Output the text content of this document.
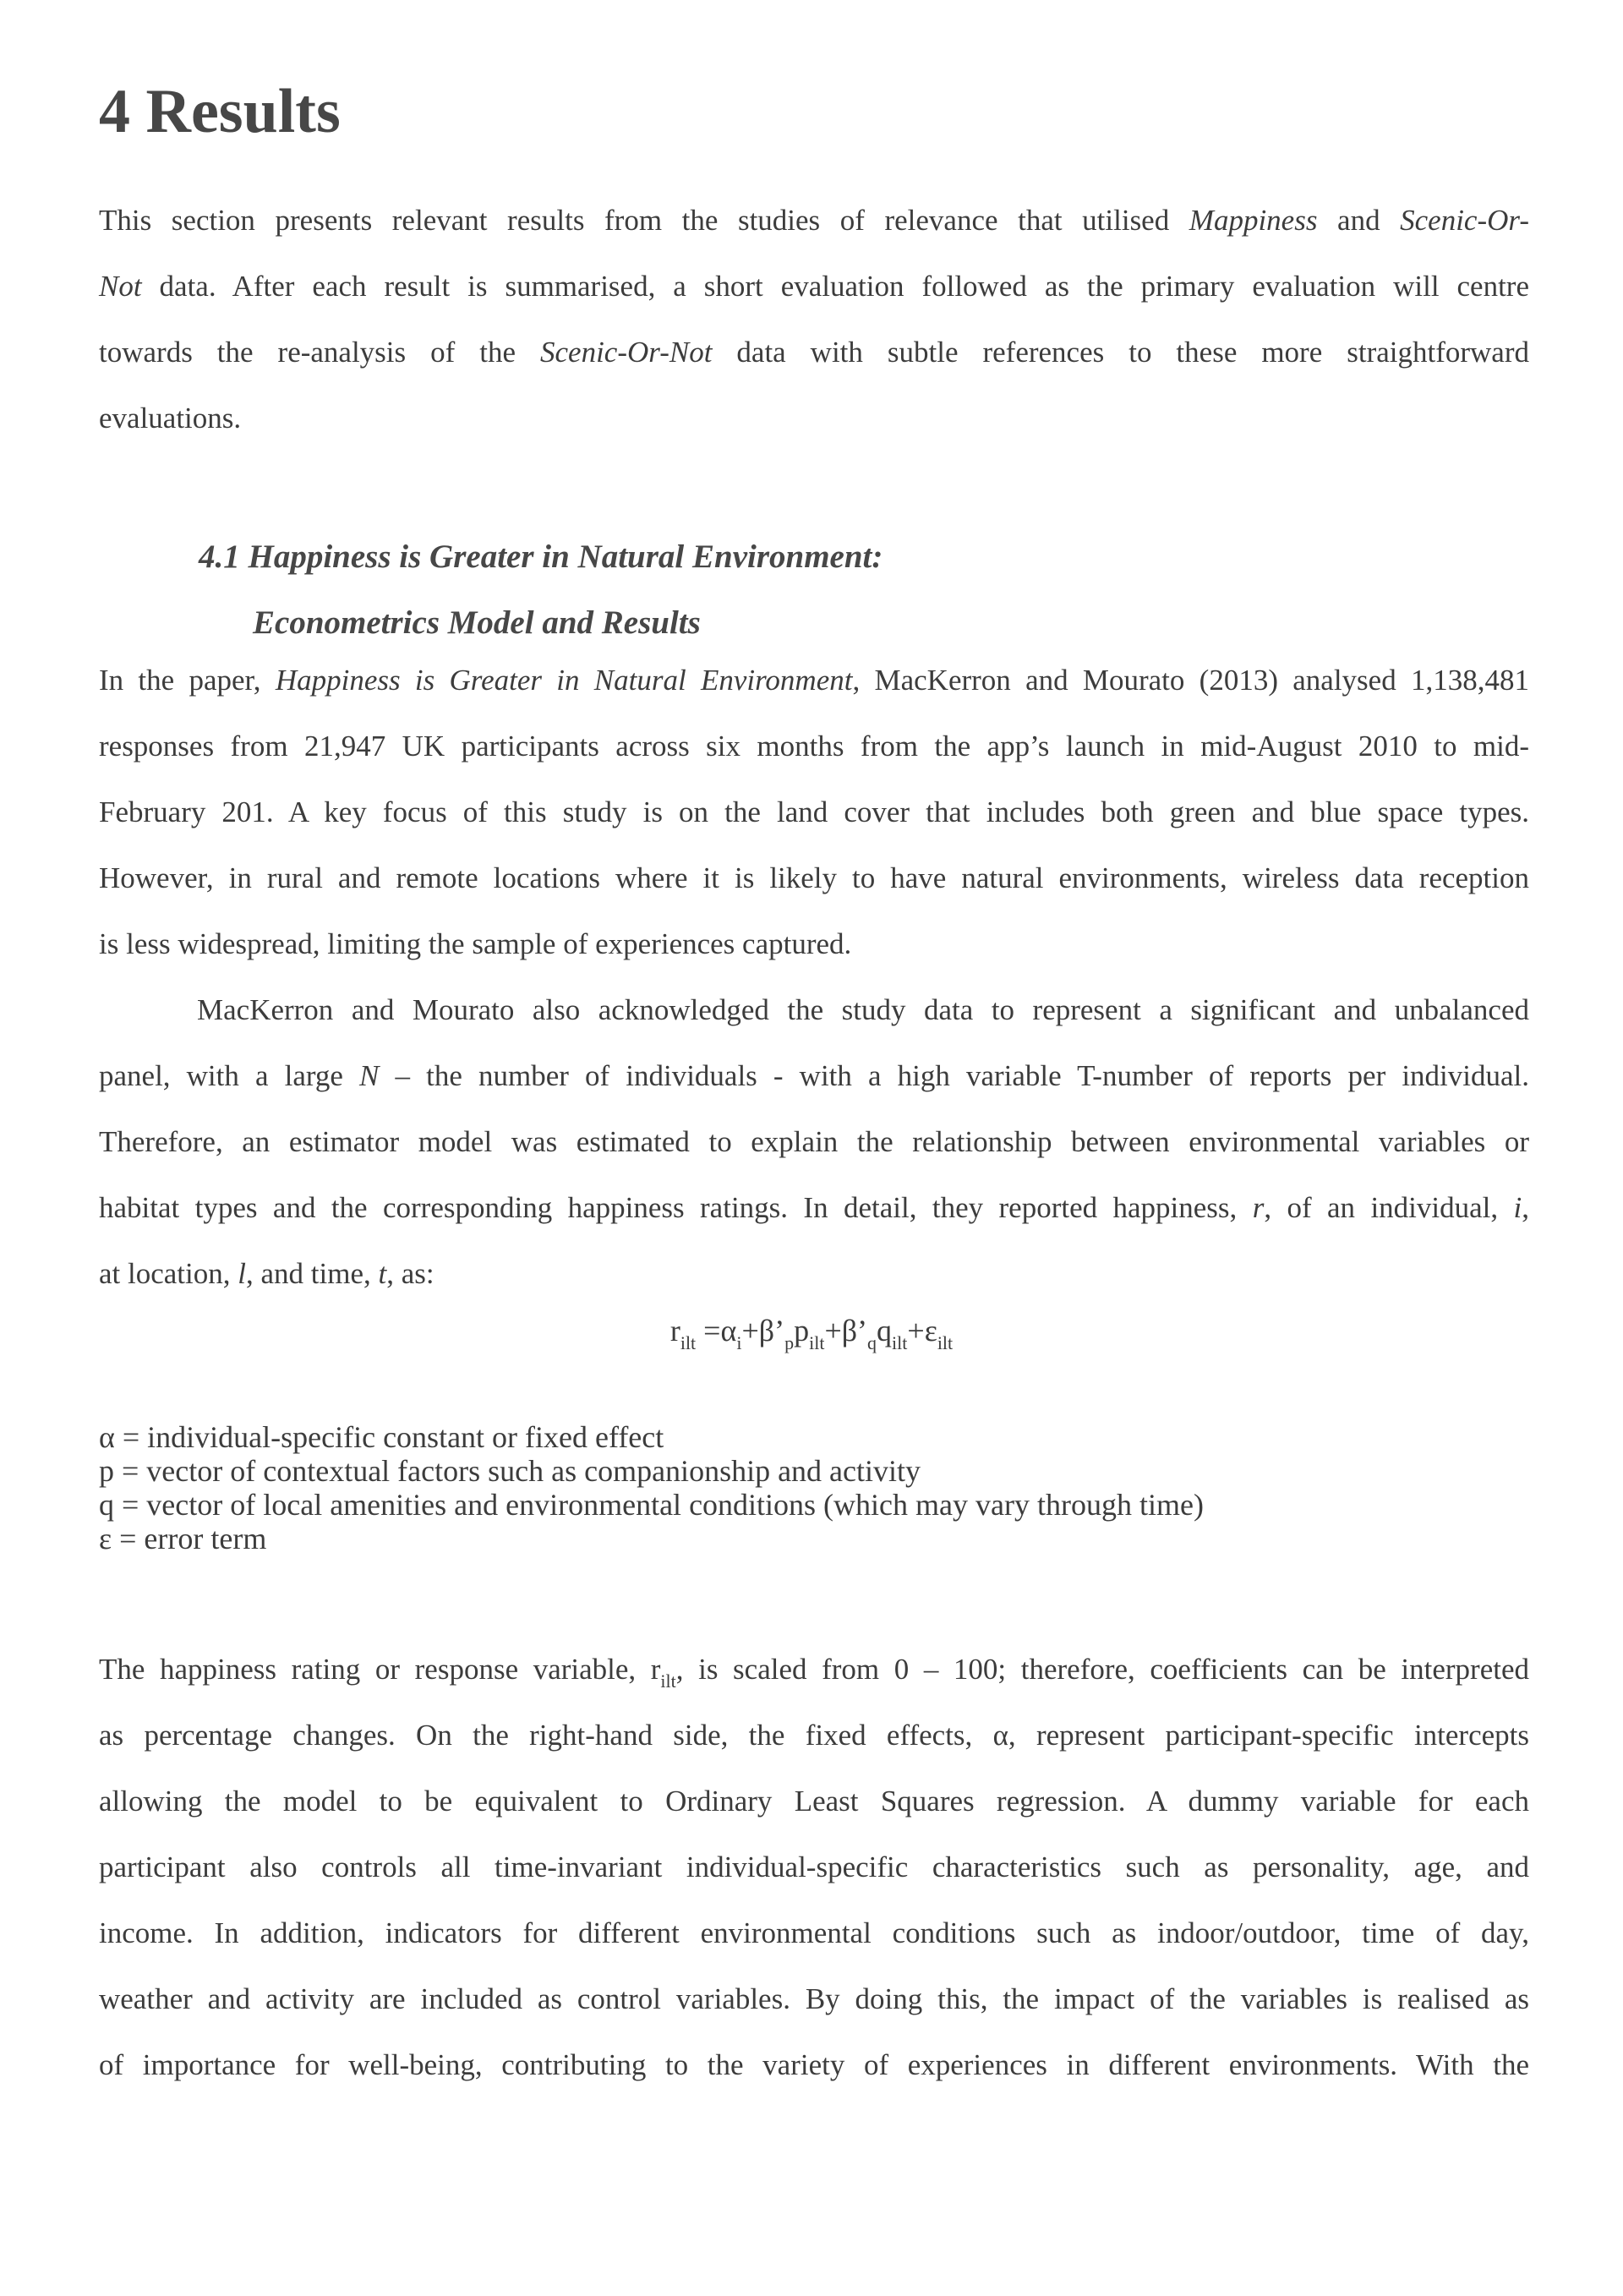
4 Results
This section presents relevant results from the studies of relevance that utilised Mappiness and Scenic-Or-
Not data. After each result is summarised, a short evaluation followed as the primary evaluation will centre
towards the re-analysis of the Scenic-Or-Not data with subtle references to these more straightforward
evaluations.
4.1 Happiness is Greater in Natural Environment:
Econometrics Model and Results
In the paper, Happiness is Greater in Natural Environment, MacKerron and Mourato (2013) analysed 1,138,481
responses from 21,947 UK participants across six months from the app’s launch in mid-August 2010 to mid-
February 201. A key focus of this study is on the land cover that includes both green and blue space types.
However, in rural and remote locations where it is likely to have natural environments, wireless data reception
is less widespread, limiting the sample of experiences captured.
MacKerron and Mourato also acknowledged the study data to represent a significant and unbalanced
panel, with a large N – the number of individuals - with a high variable T-number of reports per individual.
Therefore, an estimator model was estimated to explain the relationship between environmental variables or
habitat types and the corresponding happiness ratings. In detail, they reported happiness, r, of an individual, i,
at location, l, and time, t, as:
$r_{ilt}$ $=\alpha_i+\beta’_pp_{ilt}+\beta’_qq_{ilt}+\varepsilon_{ilt}$
α = individual-specific constant or fixed effect
p = vector of contextual factors such as companionship and activity
q = vector of local amenities and environmental conditions (which may vary through time)
ε = error term
The happiness rating or response variable, $r_{ilt}$, is scaled from 0 – 100; therefore, coefficients can be interpreted
as percentage changes. On the right-hand side, the fixed effects, α, represent participant-specific intercepts
allowing the model to be equivalent to Ordinary Least Squares regression. A dummy variable for each
participant also controls all time-invariant individual-specific characteristics such as personality, age, and
income. In addition, indicators for different environmental conditions such as indoor/outdoor, time of day,
weather and activity are included as control variables. By doing this, the impact of the variables is realised as
of importance for well-being, contributing to the variety of experiences in different environments. With the
